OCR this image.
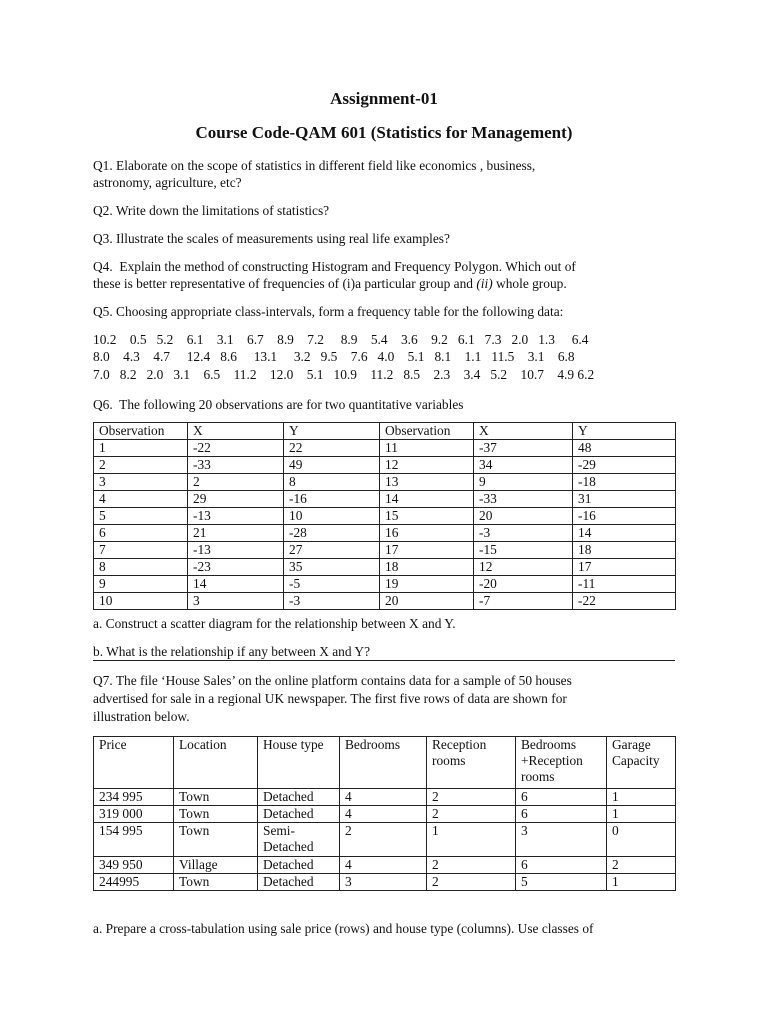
Assignment-01
Course Code-QAM 601 (Statistics for Management)
Q1. Elaborate on the scope of statistics in different field like economics , business,
astronomy, agriculture, etc?
Q2. Write down the limitations of statistics?
Q3. Illustrate the scales of measurements using real life examples?
Q4.  Explain the method of constructing Histogram and Frequency Polygon. Which out of
these is better representative of frequencies of (i)a particular group and (ii) whole group.
Q5. Choosing appropriate class-intervals, form a frequency table for the following data:
10.2    0.5   5.2    6.1    3.1    6.7    8.9    7.2     8.9    5.4    3.6    9.2   6.1   7.3   2.0   1.3     6.4
8.0    4.3    4.7     12.4   8.6     13.1     3.2   9.5    7.6   4.0    5.1   8.1    1.1   11.5    3.1    6.8
7.0   8.2   2.0   3.1    6.5    11.2    12.0    5.1   10.9    11.2   8.5    2.3    3.4   5.2    10.7    4.9 6.2
Q6.  The following 20 observations are for two quantitative variables
Observation	X	Y	Observation	X	Y
1	-22	22	11	-37	48
2	-33	49	12	34	-29
3	2	8	13	9	-18
4	29	-16	14	-33	31
5	-13	10	15	20	-16
6	21	-28	16	-3	14
7	-13	27	17	-15	18
8	-23	35	18	12	17
9	14	-5	19	-20	-11
10	3	-3	20	-7	-22
a. Construct a scatter diagram for the relationship between X and Y.
b. What is the relationship if any between X and Y?
Q7. The file ‘House Sales’ on the online platform contains data for a sample of 50 houses
advertised for sale in a regional UK newspaper. The first five rows of data are shown for
illustration below.
Price	Location	House type	Bedrooms	Reception rooms	Bedrooms +Reception rooms	Garage Capacity
234 995	Town	Detached	4	2	6	1
319 000	Town	Detached	4	2	6	1
154 995	Town	Semi-Detached	2	1	3	0
349 950	Village	Detached	4	2	6	2
244995	Town	Detached	3	2	5	1
a. Prepare a cross-tabulation using sale price (rows) and house type (columns). Use classes of
